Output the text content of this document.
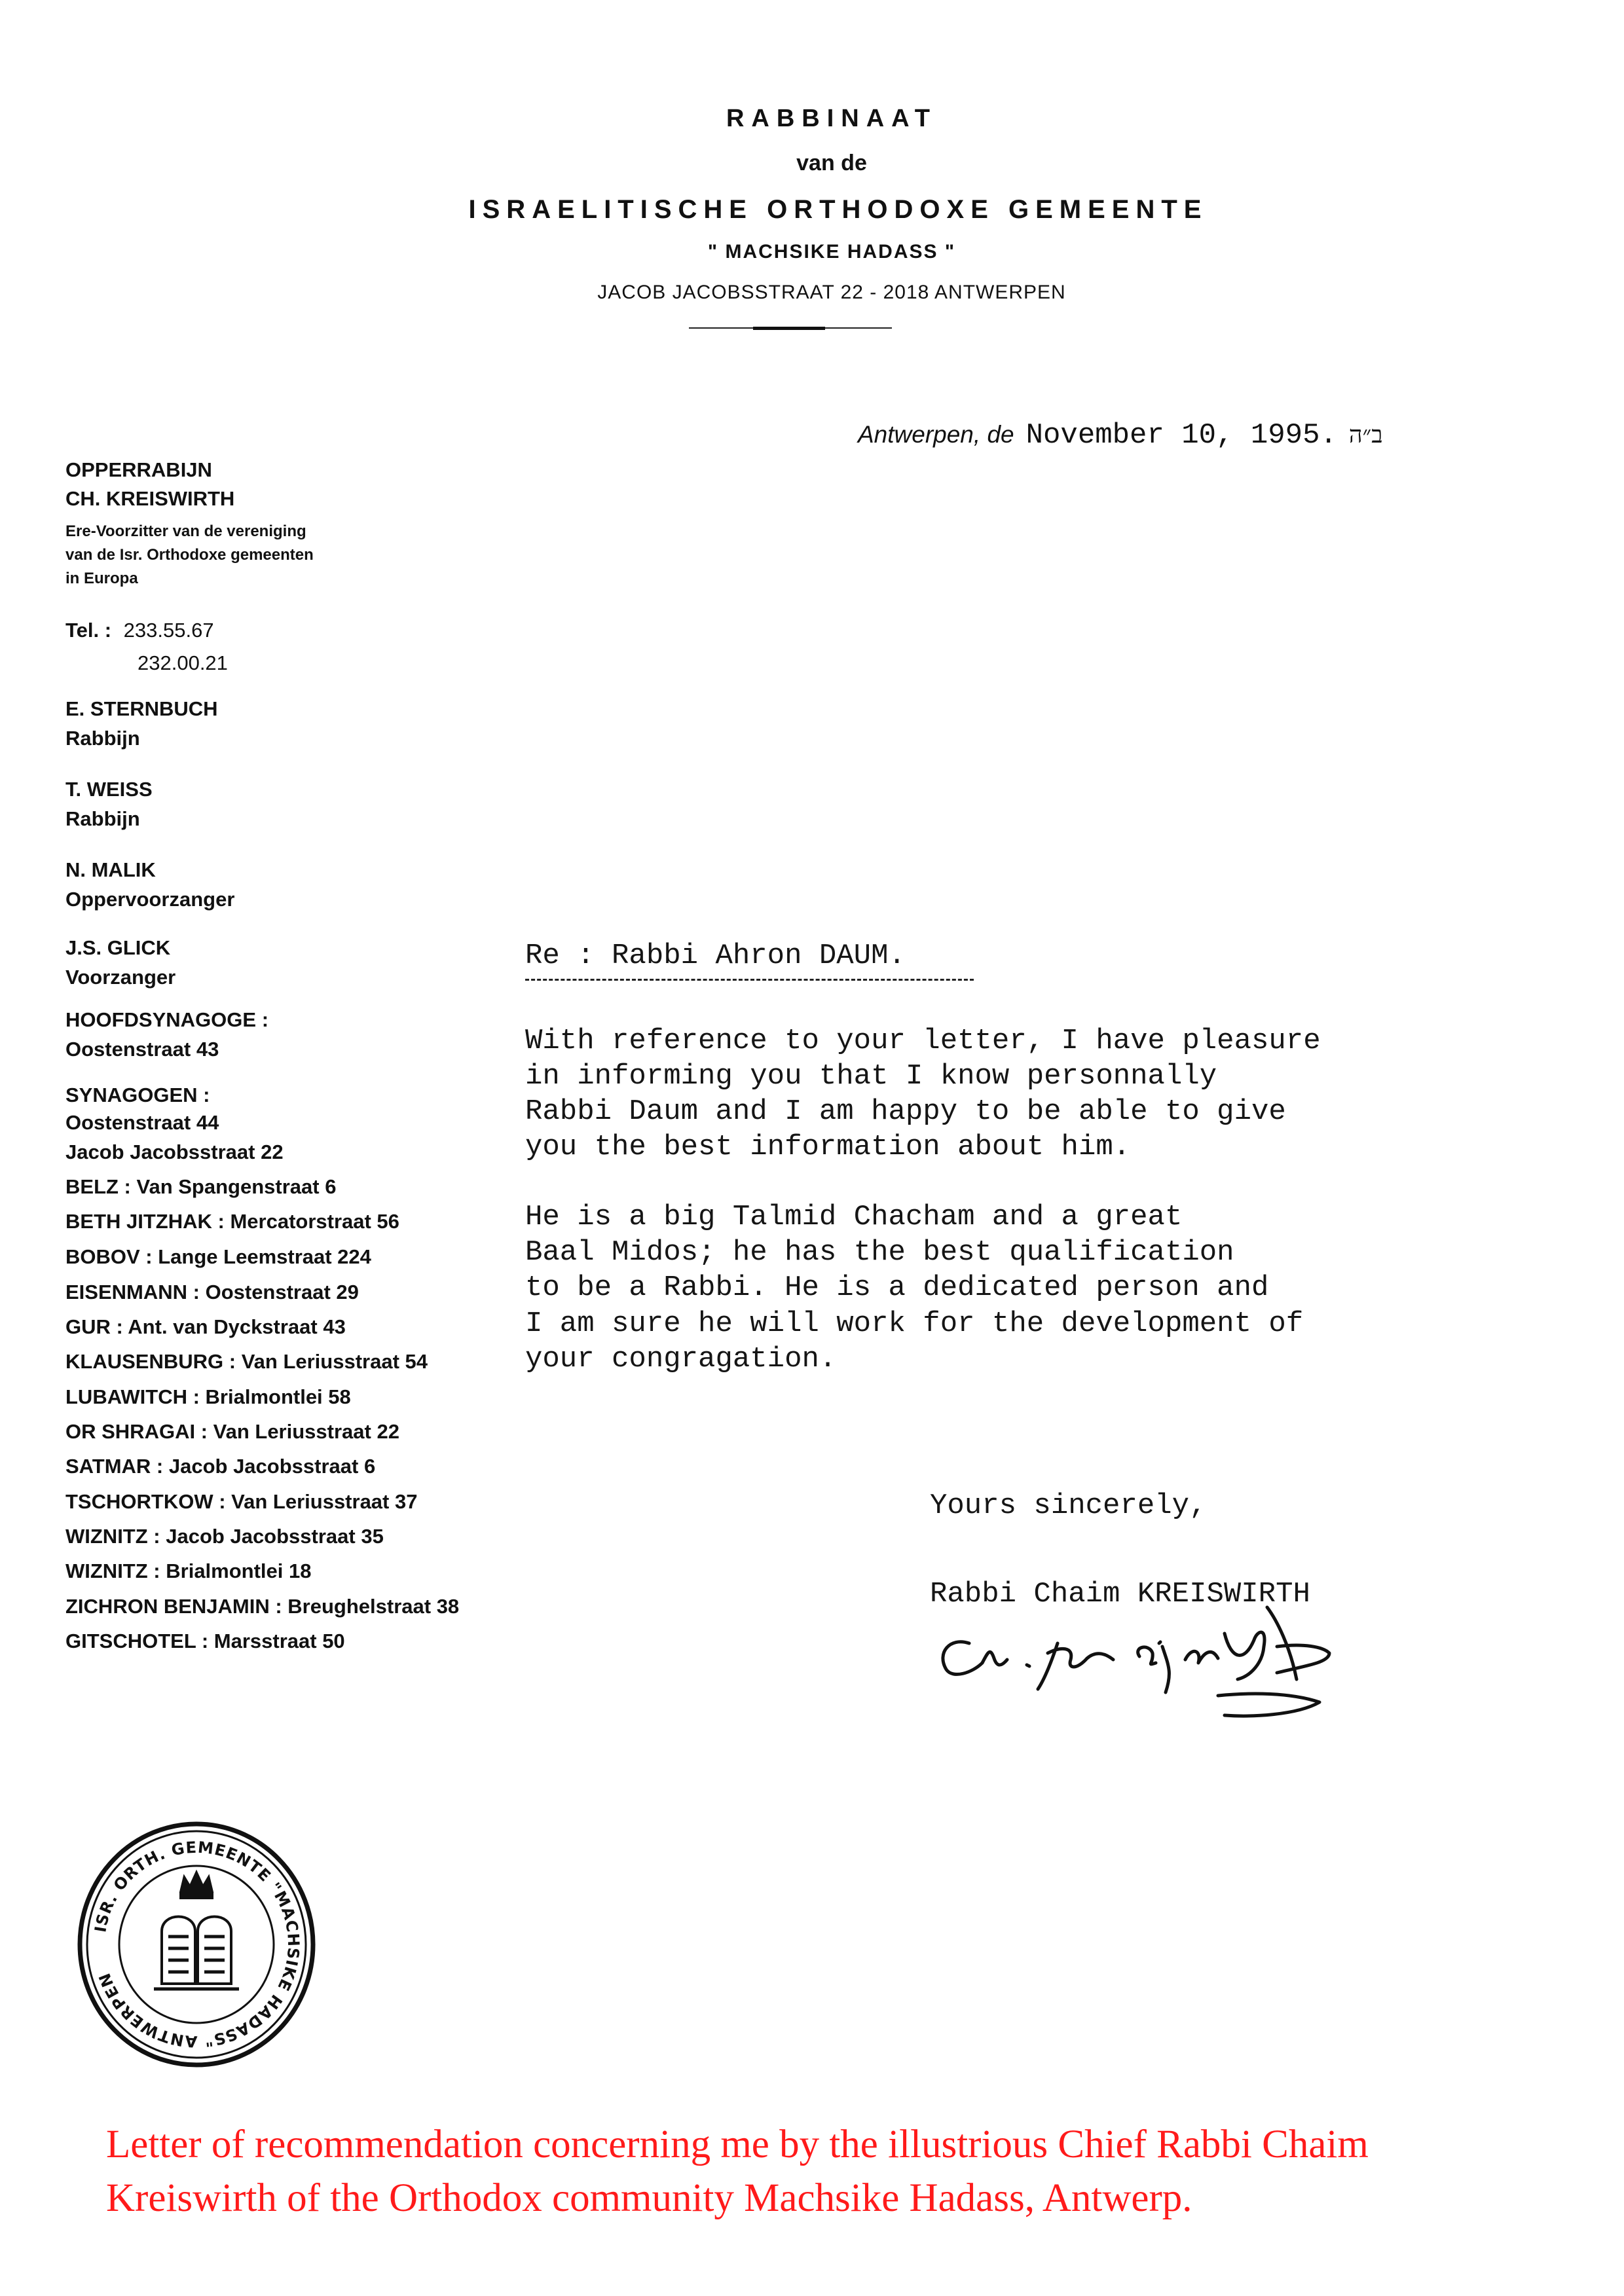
RABBINAAT
van de
ISRAELITISCHE ORTHODOXE GEMEENTE
" MACHSIKE HADASS "
JACOB JACOBSSTRAAT 22 - 2018 ANTWERPEN
Antwerpen, de November 10, 1995. ב״ה
OPPERRABIJN
CH. KREISWIRTH
Ere-Voorzitter van de vereniging
van de Isr. Orthodoxe gemeenten
in Europa
Tel. : 233.55.67
232.00.21
E. STERNBUCH
Rabbijn
T. WEISS
Rabbijn
N. MALIK
Oppervoorzanger
J.S. GLICK
Voorzanger
HOOFDSYNAGOGE :
Oostenstraat 43
SYNAGOGEN :
Oostenstraat 44
Jacob Jacobsstraat 22
BELZ : Van Spangenstraat 6
BETH JITZHAK : Mercatorstraat 56
BOBOV : Lange Leemstraat 224
EISENMANN : Oostenstraat 29
GUR : Ant. van Dyckstraat 43
KLAUSENBURG : Van Leriusstraat 54
LUBAWITCH : Brialmontlei 58
OR SHRAGAI : Van Leriusstraat 22
SATMAR : Jacob Jacobsstraat 6
TSCHORTKOW : Van Leriusstraat 37
WIZNITZ : Jacob Jacobsstraat 35
WIZNITZ : Brialmontlei 18
ZICHRON BENJAMIN : Breughelstraat 38
GITSCHOTEL : Marsstraat 50
Re : Rabbi Ahron DAUM.
With reference to your letter, I have pleasure
in informing you that I know personnally
Rabbi Daum and I am happy to be able to give
you the best information about him.
He is a big Talmid Chacham and a great
Baal Midos; he has the best qualification
to be a Rabbi. He is a dedicated person and
I am sure he will work for the development of
your congragation.
Yours sincerely,
Rabbi Chaim KREISWIRTH
ISR. ORTH. GEMEENTE "MACHSIKE HADASS" ANTWERPEN
Letter of recommendation concerning me by the illustrious Chief Rabbi Chaim
Kreiswirth of the Orthodox community Machsike Hadass, Antwerp.
